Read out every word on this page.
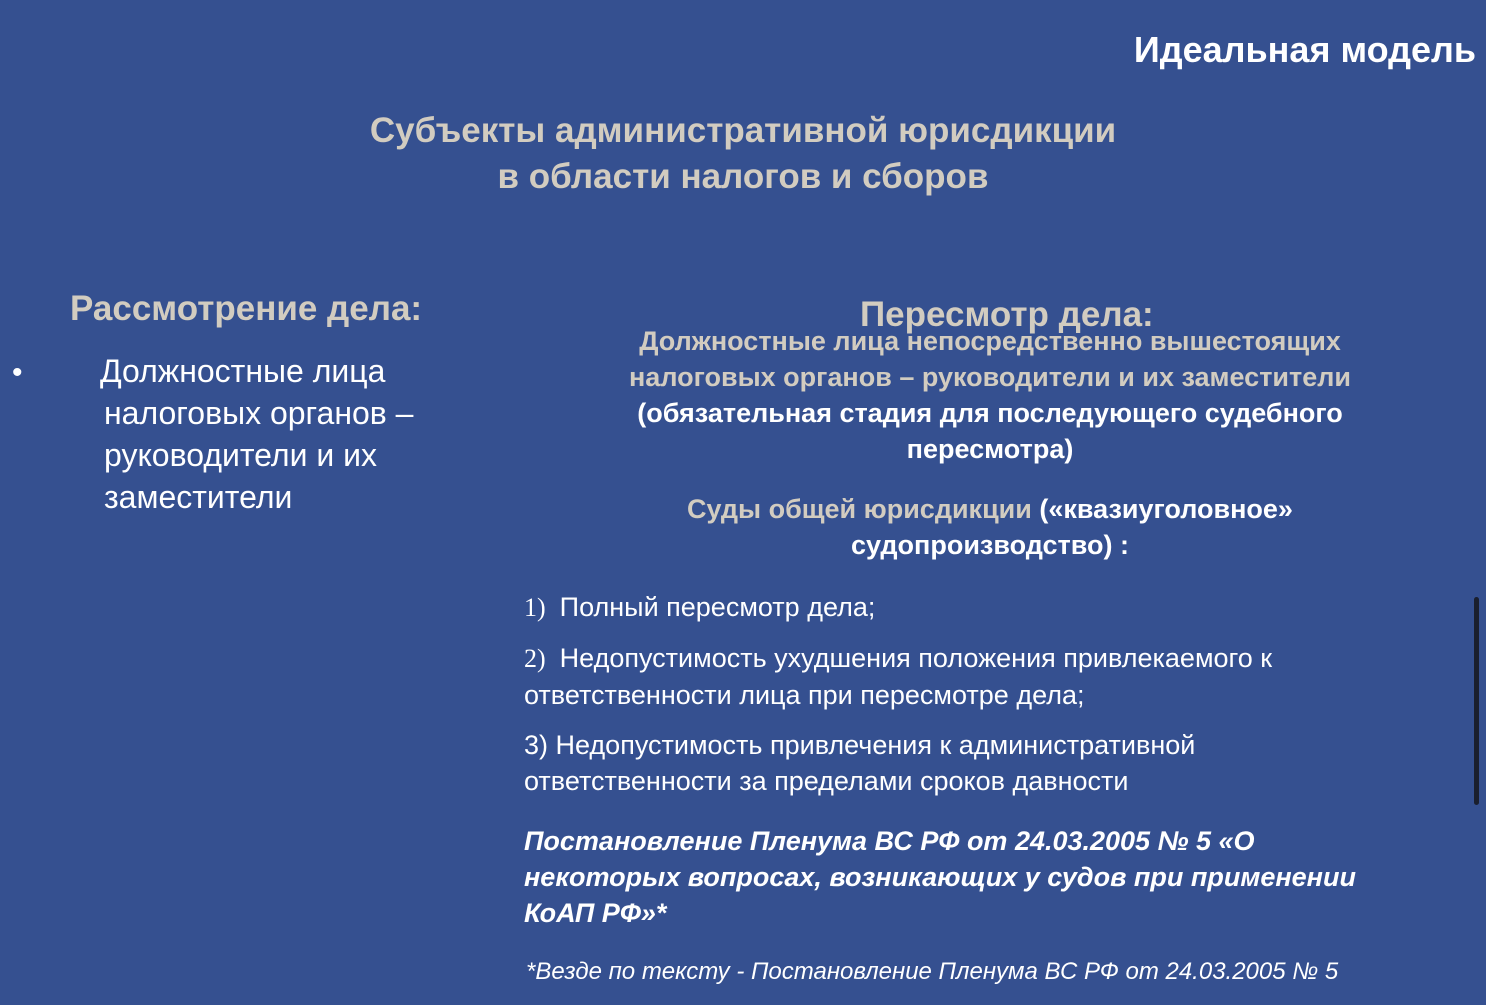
Идеальная модель
Субъекты административной юрисдикции
в области налогов и сборов
Рассмотрение дела:
• Должностные лица
налоговых органов –
руководители и их
заместители
Пересмотр дела:
Должностные лица непосредственно вышестоящих
налоговых органов – руководители и их заместители
(обязательная стадия для последующего судебного
пересмотра)
Суды общей юрисдикции («квазиуголовное»
судопроизводство) :
1) Полный пересмотр дела;
2) Недопустимость ухудшения положения привлекаемого к
ответственности лица при пересмотре дела;
3) Недопустимость привлечения к административной
ответственности за пределами сроков давности
Постановление Пленума ВС РФ от 24.03.2005 № 5 «О
некоторых вопросах, возникающих у судов при применении
КоАП РФ»*
*Везде по тексту - Постановление Пленума ВС РФ от 24.03.2005 № 5
